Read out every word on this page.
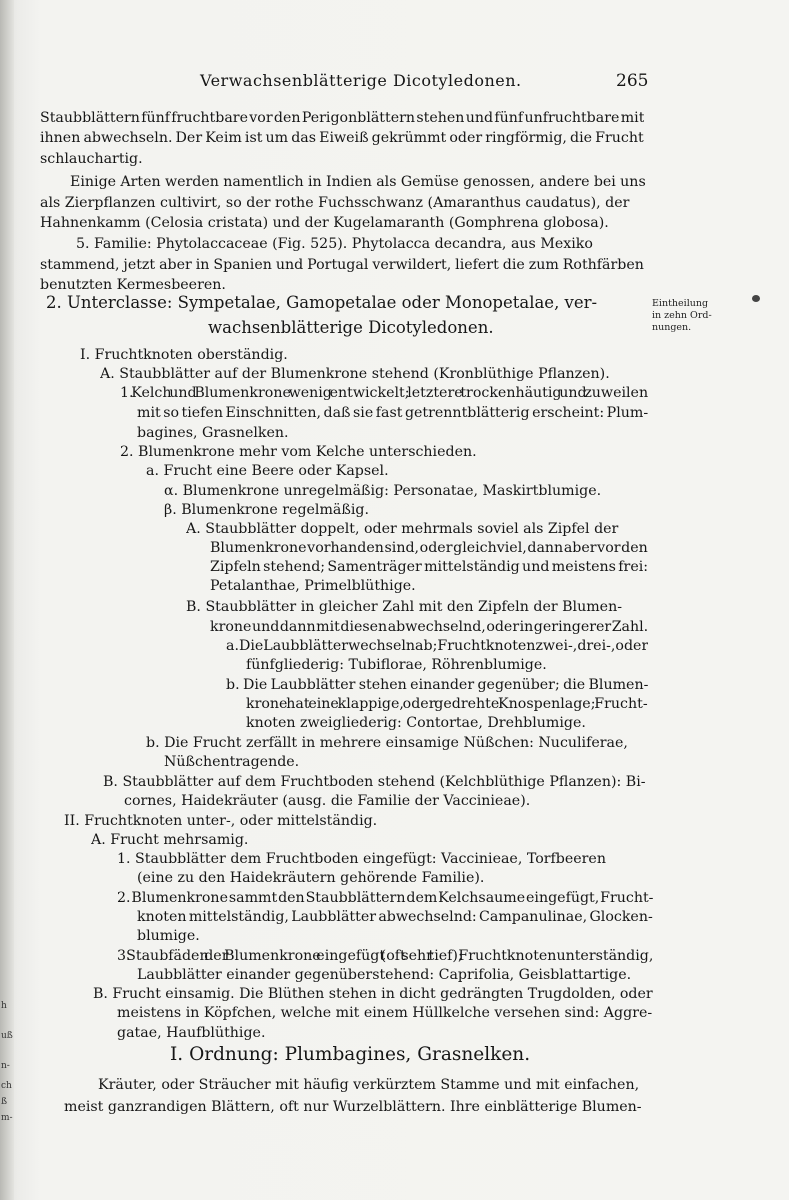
h
uß
n-
ch
ß
m-
Verwachsenblätterige Dicotyledonen.	265
Staubblättern fünf fruchtbare vor den Perigonblättern stehen und fünf unfruchtbare mit
ihnen abwechseln. Der Keim ist um das Eiweiß gekrümmt oder ringförmig, die Frucht
schlauchartig.
Einige Arten werden namentlich in Indien als Gemüse genossen, andere bei uns
als Zierpflanzen cultivirt, so der rothe Fuchsschwanz (Amaranthus caudatus), der
Hahnenkamm (Celosia cristata) und der Kugelamaranth (Gomphrena globosa).
5. Familie: Phytolaccaceae (Fig. 525). Phytolacca decandra, aus Mexiko
stammend, jetzt aber in Spanien und Portugal verwildert, liefert die zum Rothfärben
benutzten Kermesbeeren.
2. Unterclasse: Sympetalae, Gamopetalae oder Monopetalae, ver-
wachsenblätterige Dicotyledonen.
Eintheilung
in zehn Ord-
nungen.
I. Fruchtknoten oberständig.
A. Staubblätter auf der Blumenkrone stehend (Kronblüthige Pflanzen).
1. Kelch und Blumenkrone wenig entwickelt; letztere trockenhäutig und zuweilen
mit so tiefen Einschnitten, daß sie fast getrenntblätterig erscheint: Plum-
bagines, Grasnelken.
2. Blumenkrone mehr vom Kelche unterschieden.
a. Frucht eine Beere oder Kapsel.
α. Blumenkrone unregelmäßig: Personatae, Maskirtblumige.
β. Blumenkrone regelmäßig.
A. Staubblätter doppelt, oder mehrmals soviel als Zipfel der
Blumenkrone vorhanden sind, oder gleichviel, dann aber vor den
Zipfeln stehend; Samenträger mittelständig und meistens frei:
Petalanthae, Primelblüthige.
B. Staubblätter in gleicher Zahl mit den Zipfeln der Blumen-
krone und dann mit diesen abwechselnd, oder in geringerer Zahl.
a. Die Laubblätter wechseln ab; Fruchtknoten zwei-, drei-, oder
fünfgliederig: Tubiflorae, Röhrenblumige.
b. Die Laubblätter stehen einander gegenüber; die Blumen-
krone hat eine klappige, oder gedrehte Knospenlage; Frucht-
knoten zweigliederig: Contortae, Drehblumige.
b. Die Frucht zerfällt in mehrere einsamige Nüßchen: Nuculiferae,
Nüßchentragende.
B. Staubblätter auf dem Fruchtboden stehend (Kelchblüthige Pflanzen): Bi-
cornes, Haidekräuter (ausg. die Familie der Vaccinieae).
II. Fruchtknoten unter-, oder mittelständig.
A. Frucht mehrsamig.
1. Staubblätter dem Fruchtboden eingefügt: Vaccinieae, Torfbeeren
(eine zu den Haidekräutern gehörende Familie).
2. Blumenkrone sammt den Staubblättern dem Kelchsaume eingefügt, Frucht-
knoten mittelständig, Laubblätter abwechselnd: Campanulinae, Glocken-
blumige.
3. Staubfäden der Blumenkrone eingefügt (oft sehr tief); Fruchtknotenunterständig,
Laubblätter einander gegenüberstehend: Caprifolia, Geisblattartige.
B. Frucht einsamig. Die Blüthen stehen in dicht gedrängten Trugdolden, oder
meistens in Köpfchen, welche mit einem Hüllkelche versehen sind: Aggre-
gatae, Haufblüthige.
I. Ordnung: Plumbagines, Grasnelken.
Kräuter, oder Sträucher mit häufig verkürztem Stamme und mit einfachen,
meist ganzrandigen Blättern, oft nur Wurzelblättern. Ihre einblätterige Blumen-
